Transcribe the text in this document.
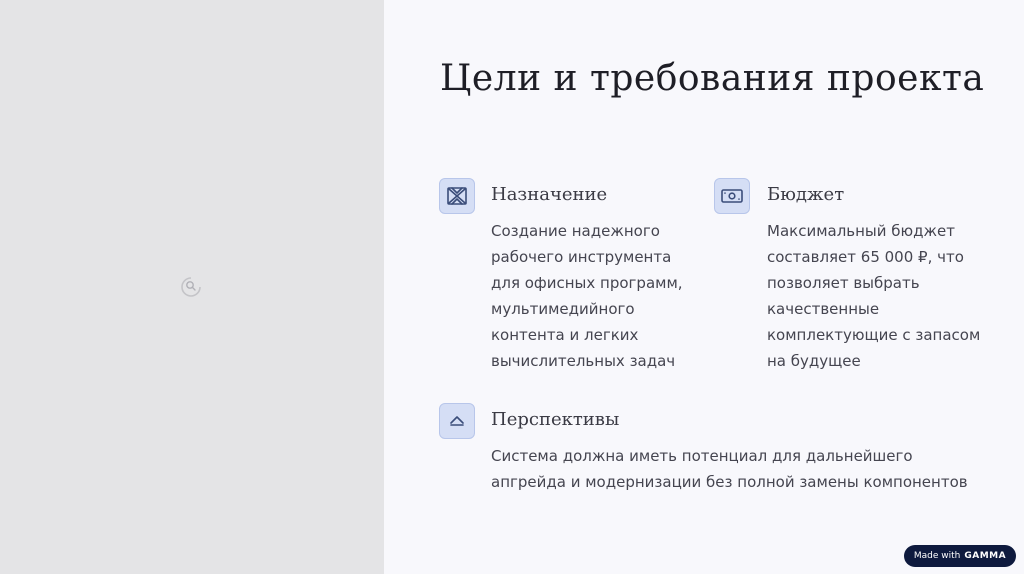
Цели и требования проекта
Назначение

Создание надежного рабочего инструмента для офисных программ, мультимедийного контента и легких вычислительных задач

Бюджет

Максимальный бюджет составляет 65 000 ₽, что позволяет выбрать качественные комплектующие с запасом на будущее

Перспективы

Система должна иметь потенциал для дальнейшего апгрейда и модернизации без полной замены компонентов

Made with GAMMA
